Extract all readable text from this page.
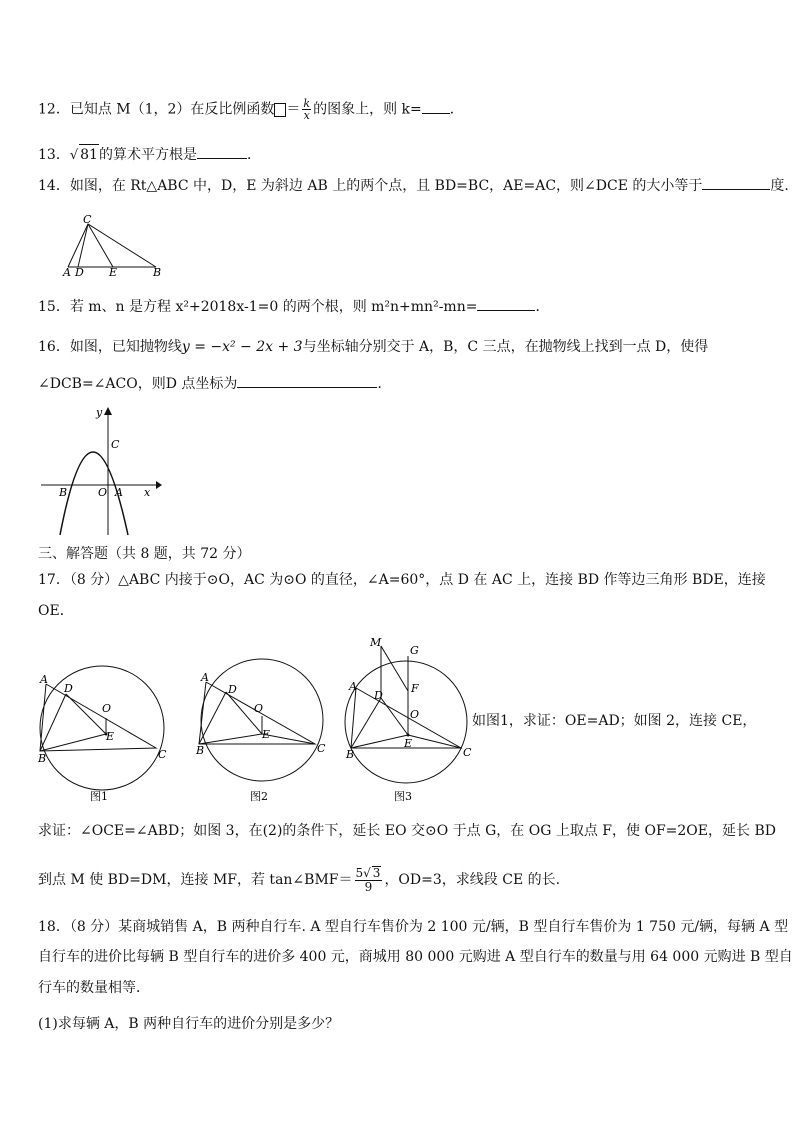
12．已知点 M（1，2）在反比例函数 ＝ $\frac{k}{x}$ 的图象上，则 k= ．
13．√ 81的算术平方根是	．
14．如图，在 Rt△ABC 中，D，E 为斜边 AB 上的两个点，且 BD=BC，AE=AC，则∠DCE 的大小等于	度.
C
A D E	B
15．若 m、n 是方程 x²+2018x-1=0 的两个根，则 m²n+mn²-mn=	．
16．如图，已知抛物线y = −x² − 2x + 3与坐标轴分别交于 A，B，C 三点，在抛物线上找到一点 D，使得
∠DCB=∠ACO，则D 点坐标为	.
y
x
C
B	O A
三、解答题（共 8 题，共 72 分）
17．（8 分）△ABC 内接于⊙O，AC 为⊙O 的直径，∠A=60°，点 D 在 AC 上，连接 BD 作等边三角形 BDE，连接
OE．
A
D
O
E
B	C
图1
A
D
O
E
B	C
图2
M
G
F
O
A
D
E
B	C
图3
如图1，求证：OE=AD；如图 2，连接 CE，
求证：∠OCE=∠ABD；如图 3，在(2)的条件下，延长 EO 交⊙O 于点 G，在 OG 上取点 F，使 OF=2OE，延长 BD
到点 M 使 BD=DM，连接 MF，若 tan∠BMF＝ $\frac{5√ 3}{9}$ ，OD=3，求线段 CE 的长.
18．（8 分）某商城销售 A，B 两种自行车. A 型自行车售价为 2 100 元/辆，B 型自行车售价为 1 750 元/辆，每辆 A 型
自行车的进价比每辆 B 型自行车的进价多 400 元，商城用 80 000 元购进 A 型自行车的数量与用 64 000 元购进 B 型自
行车的数量相等．
(1)求每辆 A，B 两种自行车的进价分别是多少？
